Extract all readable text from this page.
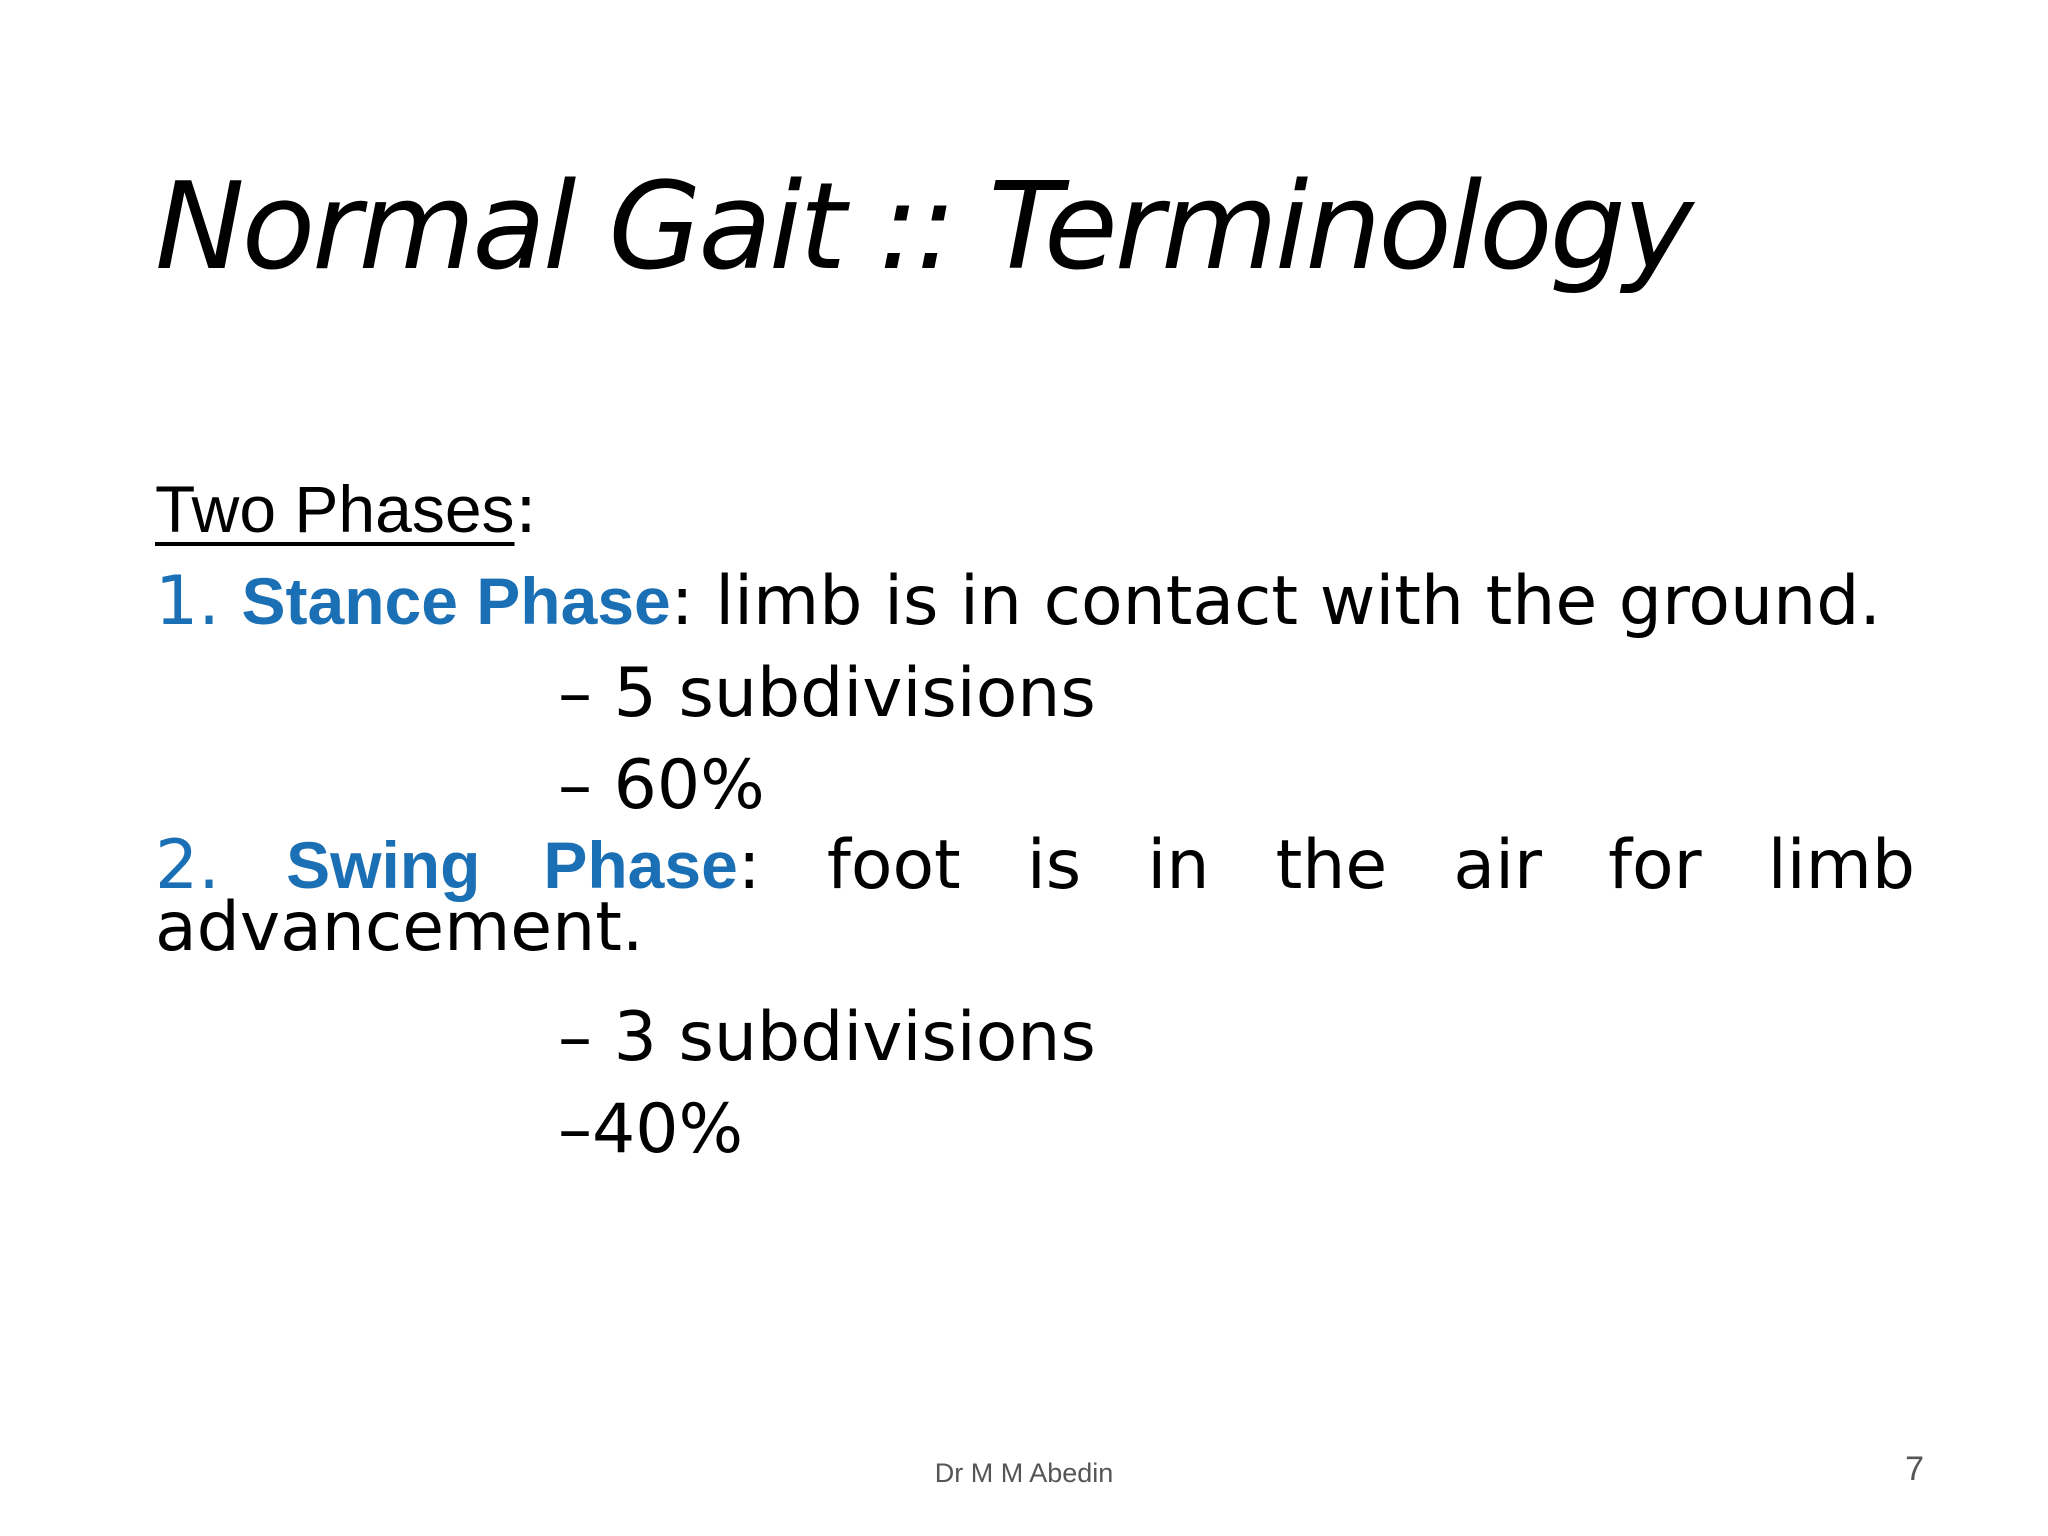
Normal Gait :: Terminology
Two Phases:
1. Stance Phase: limb is in contact with the ground.
– 5 subdivisions
– 60%
2. Swing Phase: foot is in the air for limb advancement.
– 3 subdivisions
–40%
Dr M M Abedin	7
